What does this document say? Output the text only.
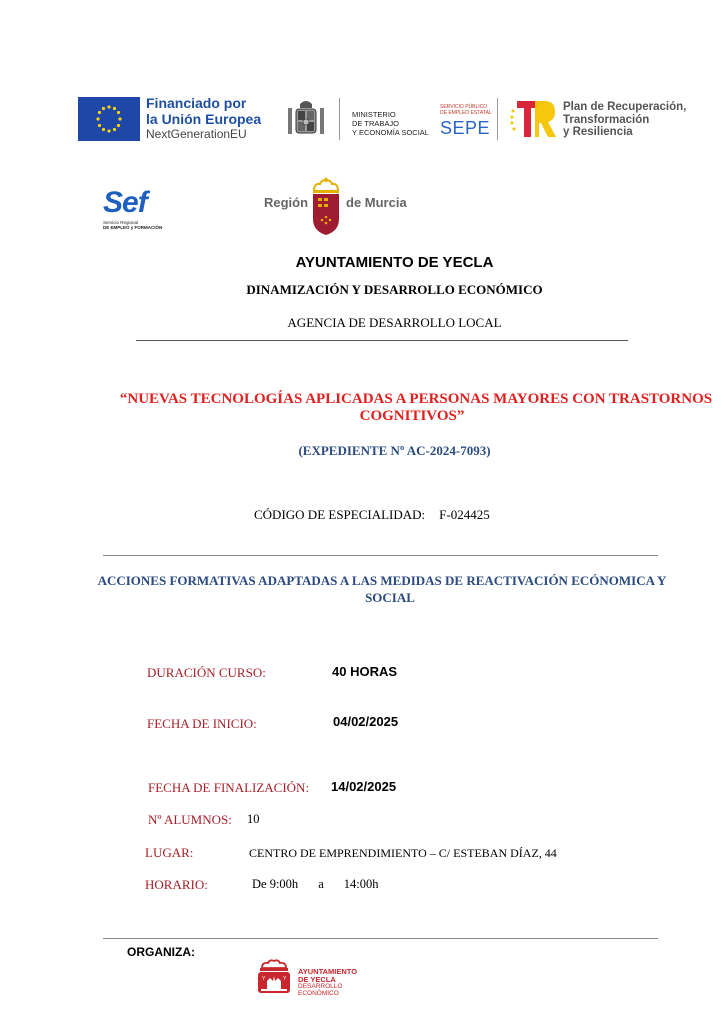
Financiado por
la Unión Europea
NextGenerationEU
MINISTERIO
DE TRABAJO
Y ECONOMÍA SOCIAL
SERVICIO PÚBLICO
DE EMPLEO ESTATAL
SEPE
Plan de Recuperación,
Transformación
y Resiliencia
Sef
Servicio Regional
DE EMPLEO y FORMACIÓN
Región	de Murcia
AYUNTAMIENTO DE YECLA
DINAMIZACIÓN Y DESARROLLO ECONÓMICO
AGENCIA DE DESARROLLO LOCAL
“NUEVAS TECNOLOGÍAS APLICADAS A PERSONAS MAYORES CON TRASTORNOS
COGNITIVOS”
(EXPEDIENTE Nº AC-2024-7093)
CÓDIGO DE ESPECIALIDAD: F-024425
ACCIONES FORMATIVAS ADAPTADAS A LAS MEDIDAS DE REACTIVACIÓN ECÓNOMICA Y
SOCIAL
DURACIÓN CURSO:	40 HORAS
FECHA DE INICIO:	04/02/2025
FECHA DE FINALIZACIÓN: 14/02/2025
Nº ALUMNOS: 10
LUGAR:	CENTRO DE EMPRENDIMIENTO – C/ ESTEBAN DÍAZ, 44
HORARIO:	De 9:00h a 14:00h
ORGANIZA:
Y	Y
AYUNTAMIENTO
DE YECLA
DESARROLLO
ECONÓMICO
